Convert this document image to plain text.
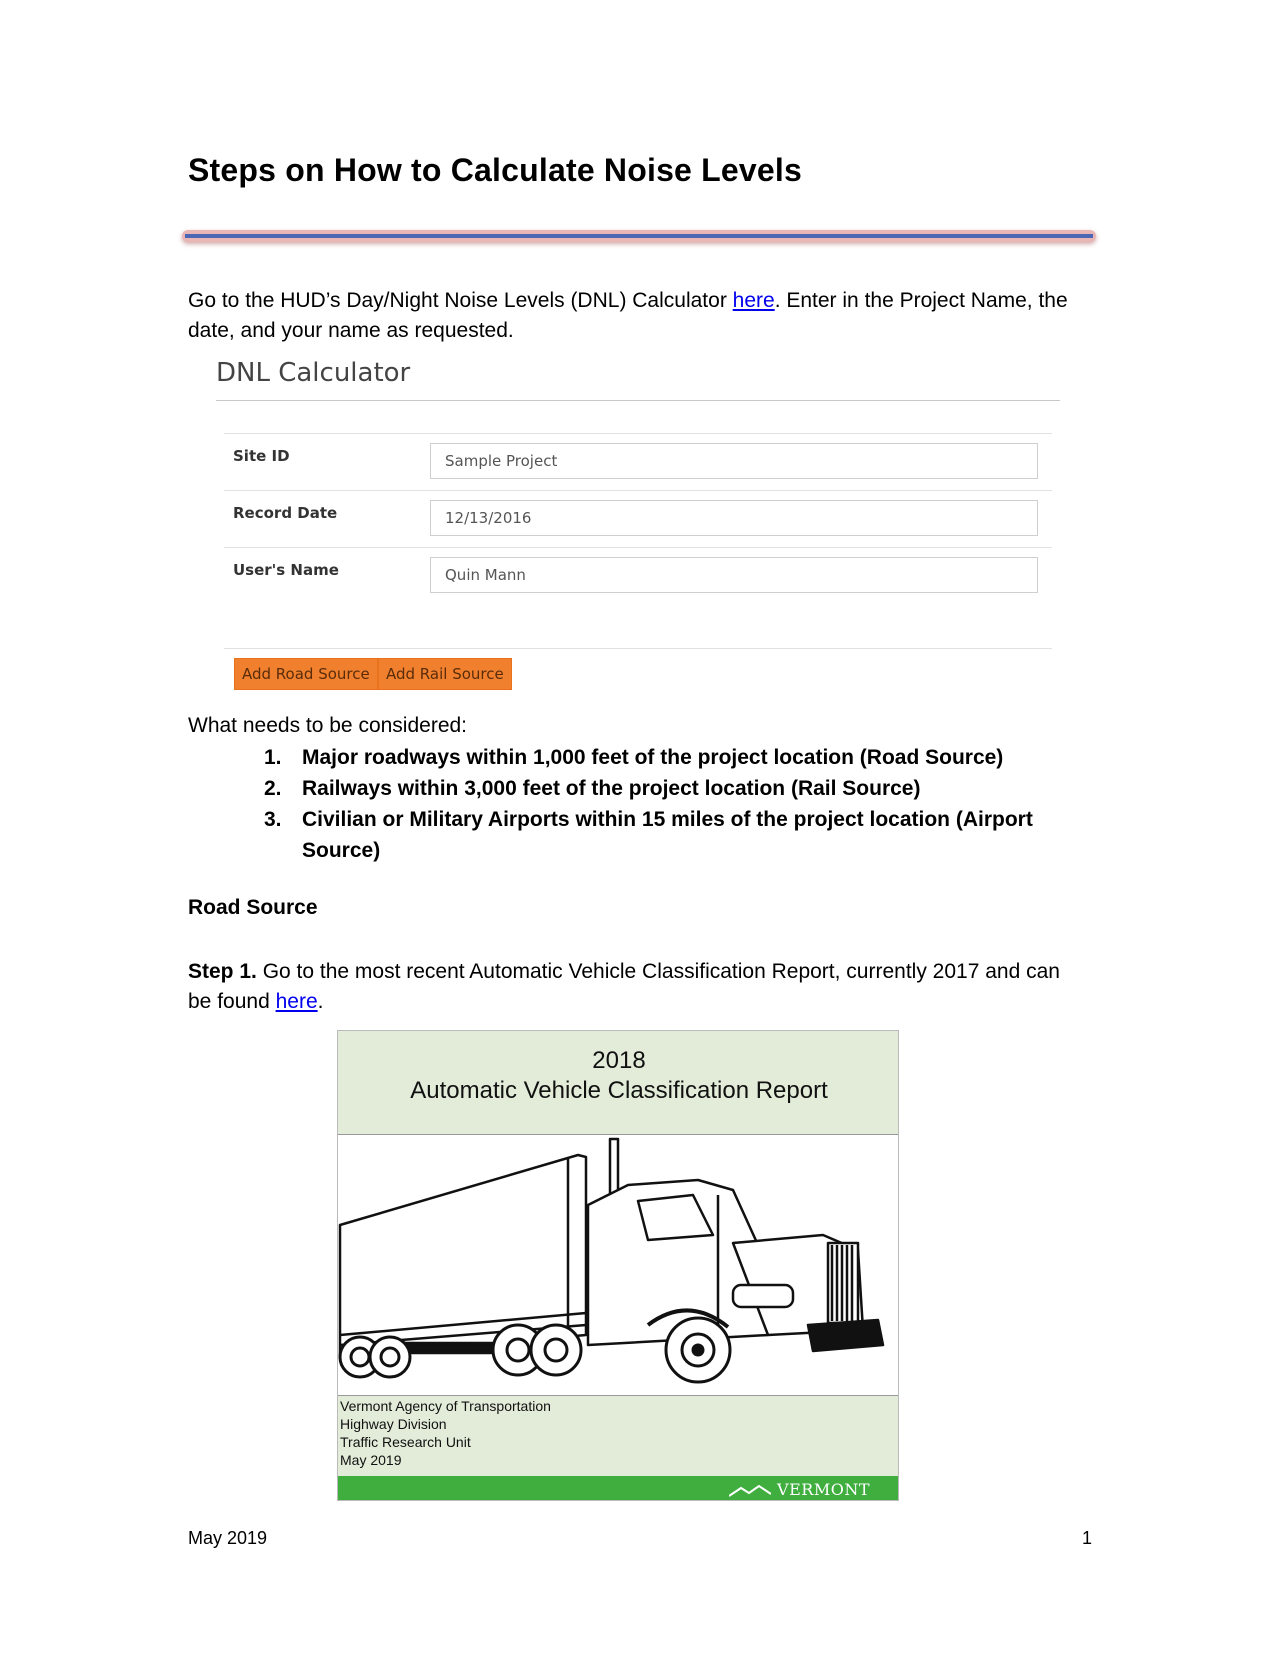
Steps on How to Calculate Noise Levels
Go to the HUD’s Day/Night Noise Levels (DNL) Calculator here. Enter in the Project Name, the date, and your name as requested.
DNL Calculator
Site ID
Sample Project
Record Date
12/13/2016
User's Name
Quin Mann
Add Road Source	Add Rail Source
What needs to be considered:
1. Major roadways within 1,000 feet of the project location (Road Source)
2. Railways within 3,000 feet of the project location (Rail Source)
3. Civilian or Military Airports within 15 miles of the project location (Airport Source)
Road Source
Step 1. Go to the most recent Automatic Vehicle Classification Report, currently 2017 and can be found here.
2018
Automatic Vehicle Classification Report
Vermont Agency of Transportation
Highway Division
Traffic Research Unit
May 2019
VERMONT
May 2019	1
